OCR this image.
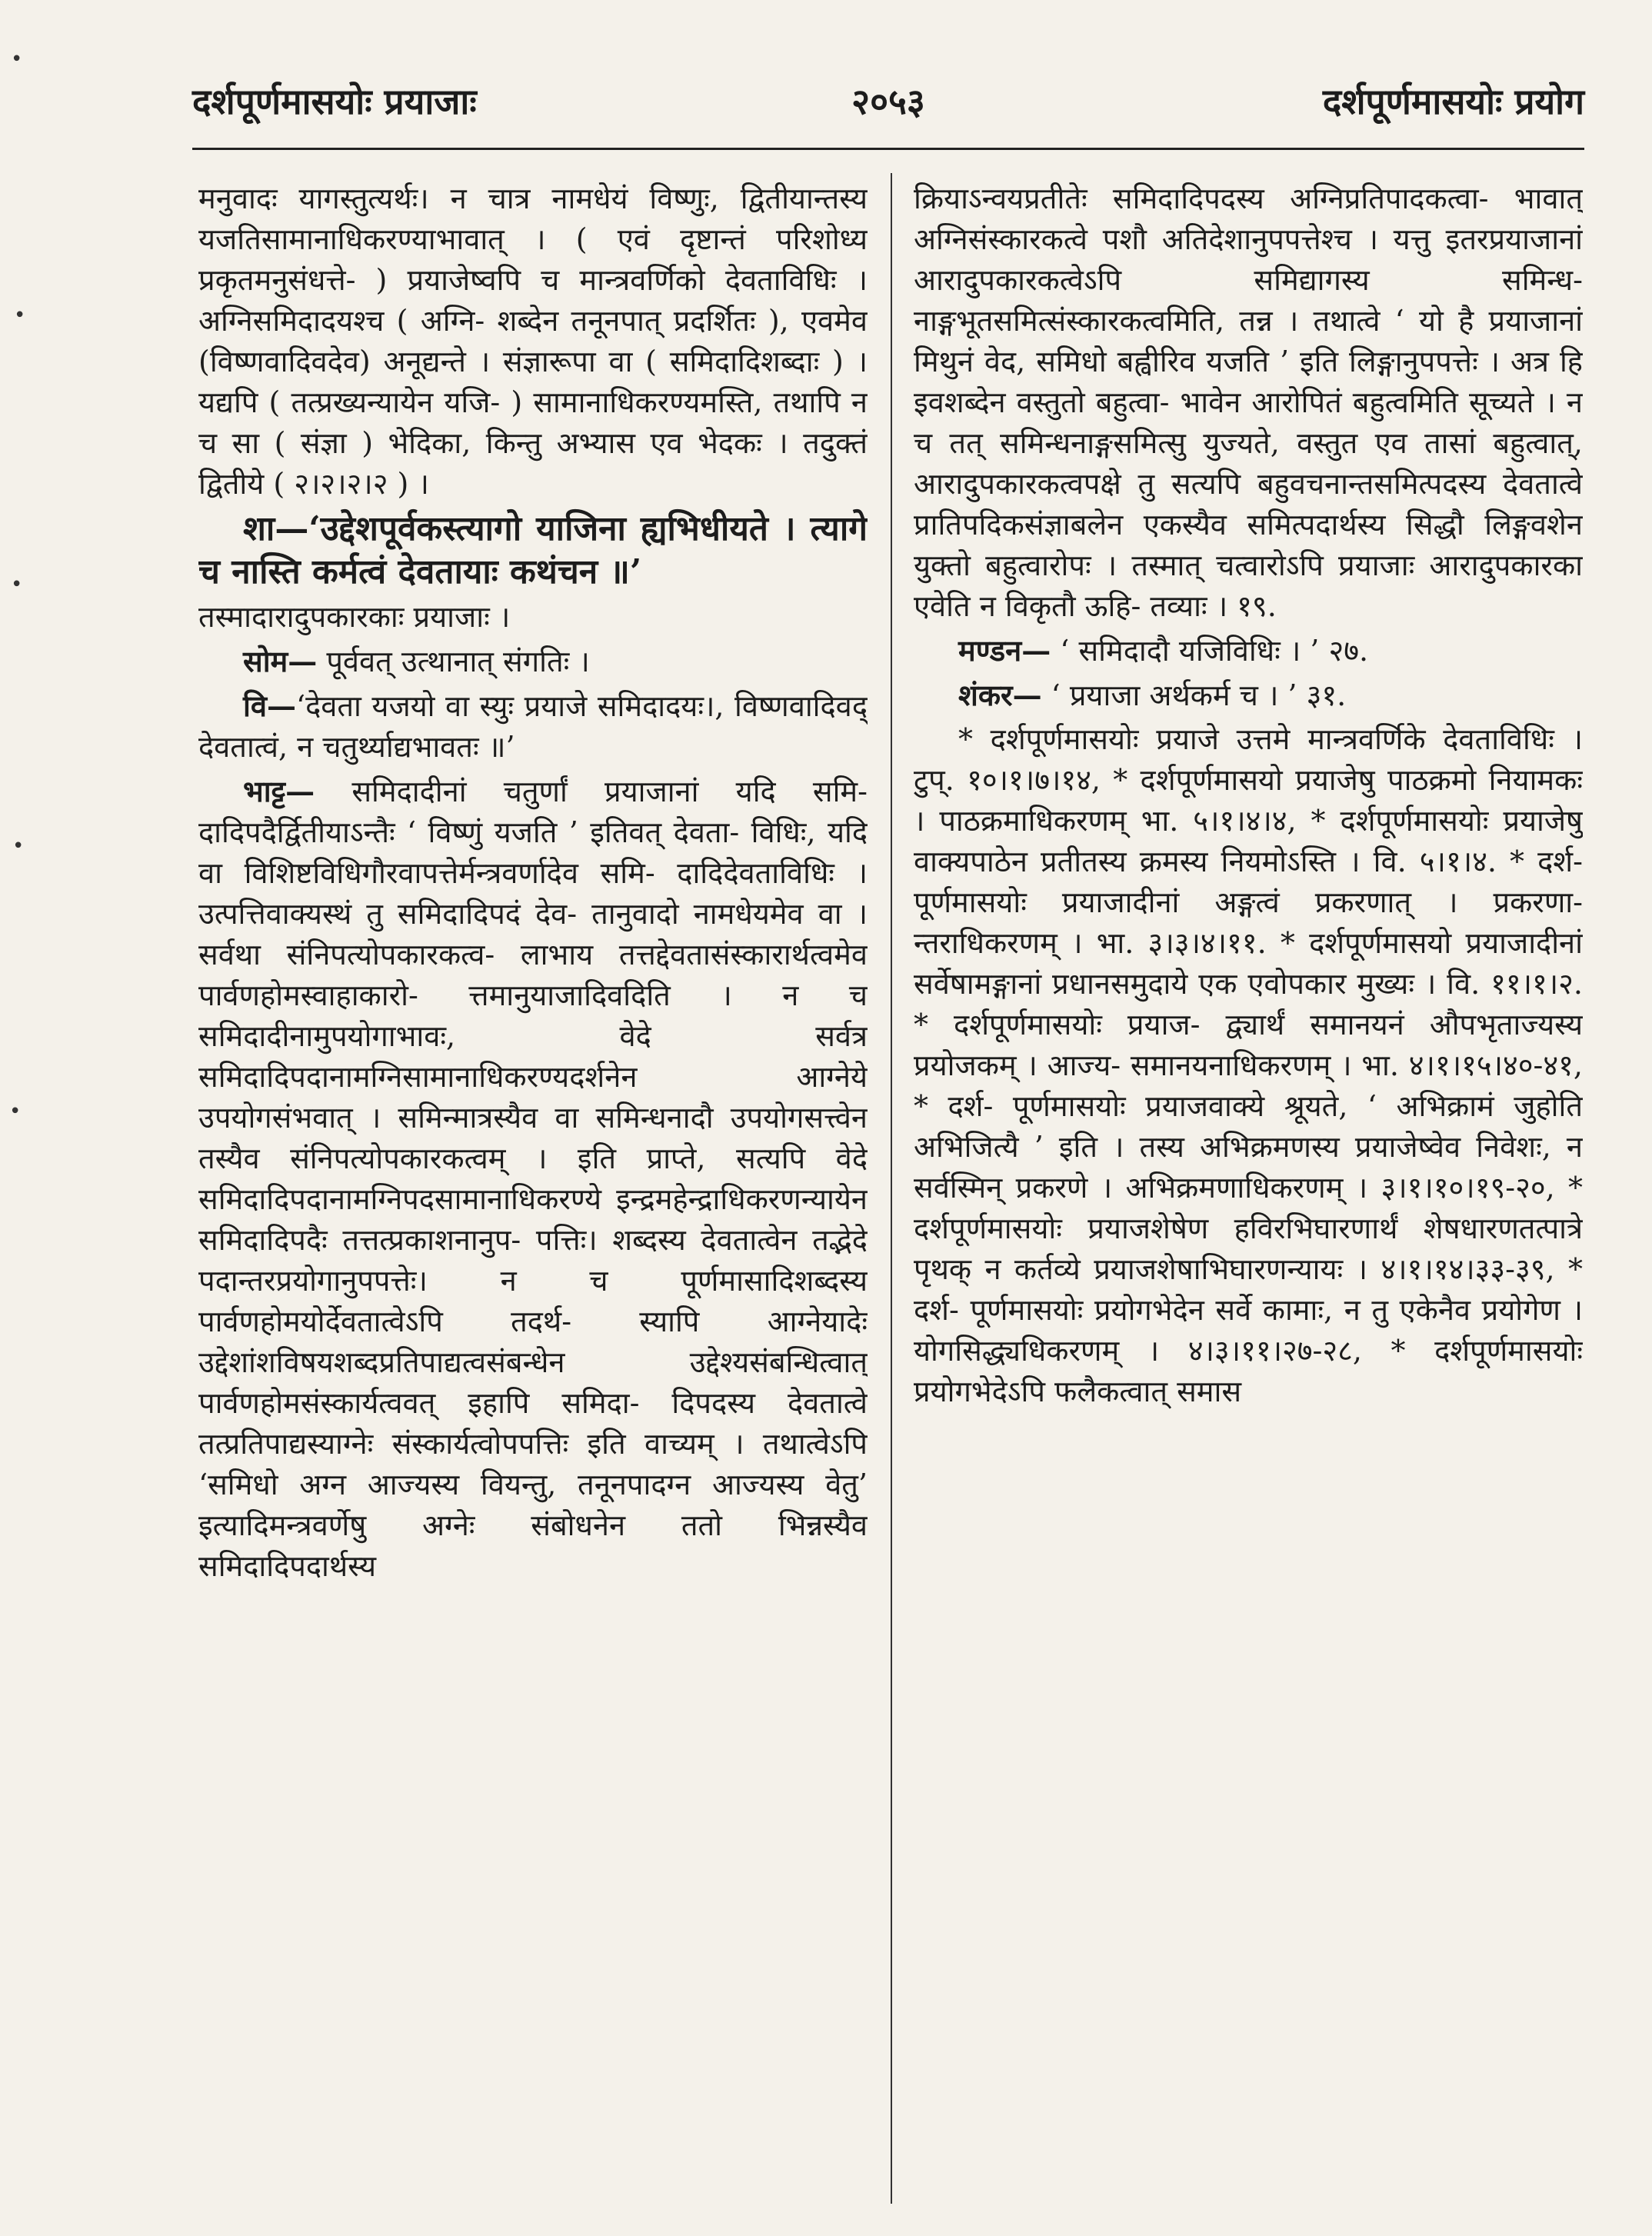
•
•
•
•
•
दर्शपूर्णमासयोः प्रयाजाः	२०५३	दर्शपूर्णमासयोः प्रयोग

मनुवादः यागस्तुत्यर्थः। न चात्र नामधेयं विष्णुः, द्वितीयान्तस्य यजतिसामानाधिकरण्याभावात् । ( एवं दृष्टान्तं परिशोध्य प्रकृतमनुसंधत्ते- ) प्रयाजेष्वपि च मान्त्रवर्णिको देवताविधिः । अग्निसमिदादयश्च ( अग्नि- शब्देन तनूनपात् प्रदर्शितः ), एवमेव (विष्णवादिवदेव) अनूद्यन्ते । संज्ञारूपा वा ( समिदादिशब्दाः ) । यद्यपि ( तत्प्रख्यन्यायेन यजि- ) सामानाधिकरण्यमस्ति, तथापि न च सा ( संज्ञा ) भेदिका, किन्तु अभ्यास एव भेदकः । तदुक्तं द्वितीये ( २।२।२।२ ) ।

शा—‘उद्देशपूर्वकस्त्यागो याजिना ह्यभिधीयते । त्यागे च नास्ति कर्मत्वं देवतायाः कथंचन ॥’

तस्मादारादुपकारकाः प्रयाजाः ।

सोम— पूर्ववत् उत्थानात् संगतिः ।

वि—‘देवता यजयो वा स्युः प्रयाजे समिदादयः।, विष्णवादिवद् देवतात्वं, न चतुर्थ्याद्यभावतः ॥’

भाट्ट— समिदादीनां चतुर्णां प्रयाजानां यदि समि- दादिपदैर्द्वितीयाऽन्तैः ‘ विष्णुं यजति ’ इतिवत् देवता- विधिः, यदि वा विशिष्टविधिगौरवापत्तेर्मन्त्रवर्णादेव समि- दादिदेवताविधिः । उत्पत्तिवाक्यस्थं तु समिदादिपदं देव- तानुवादो नामधेयमेव वा । सर्वथा संनिपत्योपकारकत्व- लाभाय तत्तद्देवतासंस्कारार्थत्वमेव पार्वणहोमस्वाहाकारो- त्तमानुयाजादिवदिति । न च समिदादीनामुपयोगाभावः, वेदे सर्वत्र समिदादिपदानामग्निसामानाधिकरण्यदर्शनेन आग्नेये उपयोगसंभवात् । समिन्मात्रस्यैव वा समिन्धनादौ उपयोगसत्त्वेन तस्यैव संनिपत्योपकारकत्वम् । इति प्राप्ते, सत्यपि वेदे समिदादिपदानामग्निपदसामानाधिकरण्ये इन्द्रमहेन्द्राधिकरणन्यायेन समिदादिपदैः तत्तत्प्रकाशनानुप- पत्तिः। शब्दस्य देवतात्वेन तद्भेदे पदान्तरप्रयोगानुपपत्तेः। न च पूर्णमासादिशब्दस्य पार्वणहोमयोर्देवतात्वेऽपि तदर्थ- स्यापि आग्नेयादेः उद्देशांशविषयशब्दप्रतिपाद्यत्वसंबन्धेन उद्देश्यसंबन्धित्वात् पार्वणहोमसंस्कार्यत्ववत् इहापि समिदा- दिपदस्य देवतात्वे तत्प्रतिपाद्यस्याग्नेः संस्कार्यत्वोपपत्तिः इति वाच्यम् । तथात्वेऽपि ‘समिधो अग्न आज्यस्य वियन्तु, तनूनपादग्न आज्यस्य वेतु’ इत्यादिमन्त्रवर्णेषु अग्नेः संबोधनेन ततो भिन्नस्यैव समिदादिपदार्थस्य

क्रियाऽन्वयप्रतीतेः समिदादिपदस्य अग्निप्रतिपादकत्वा- भावात् अग्निसंस्कारकत्वे पशौ अतिदेशानुपपत्तेश्च । यत्तु इतरप्रयाजानां आरादुपकारकत्वेऽपि समिद्यागस्य समिन्ध- नाङ्गभूतसमित्संस्कारकत्वमिति, तन्न । तथात्वे ‘ यो है प्रयाजानां मिथुनं वेद, समिधो बह्वीरिव यजति ’ इति लिङ्गानुपपत्तेः । अत्र हि इवशब्देन वस्तुतो बहुत्वा- भावेन आरोपितं बहुत्वमिति सूच्यते । न च तत् समिन्धनाङ्गसमित्सु युज्यते, वस्तुत एव तासां बहुत्वात्, आरादुपकारकत्वपक्षे तु सत्यपि बहुवचनान्तसमित्पदस्य देवतात्वे प्रातिपदिकसंज्ञाबलेन एकस्यैव समित्पदार्थस्य सिद्धौ लिङ्गवशेन युक्तो बहुत्वारोपः । तस्मात् चत्वारोऽपि प्रयाजाः आरादुपकारका एवेति न विकृतौ ऊहि- तव्याः । १९.

मण्डन— ‘ समिदादौ यजिविधिः । ’ २७.

शंकर— ‘ प्रयाजा अर्थकर्म च । ’ ३१.

* दर्शपूर्णमासयोः प्रयाजे उत्तमे मान्त्रवर्णिके देवताविधिः । टुप्. १०।१।७।१४, * दर्शपूर्णमासयो प्रयाजेषु पाठक्रमो नियामकः । पाठक्रमाधिकरणम् भा. ५।१।४।४, * दर्शपूर्णमासयोः प्रयाजेषु वाक्यपाठेन प्रतीतस्य क्रमस्य नियमोऽस्ति । वि. ५।१।४. * दर्श- पूर्णमासयोः प्रयाजादीनां अङ्गत्वं प्रकरणात् । प्रकरणा- न्तराधिकरणम् । भा. ३।३।४।११. * दर्शपूर्णमासयो प्रयाजादीनां सर्वेषामङ्गानां प्रधानसमुदाये एक एवोपकार मुख्यः । वि. ११।१।२. * दर्शपूर्णमासयोः प्रयाज- द्व्यार्थं समानयनं औपभृताज्यस्य प्रयोजकम् । आज्य- समानयनाधिकरणम् । भा. ४।१।१५।४०-४१, * दर्श- पूर्णमासयोः प्रयाजवाक्ये श्रूयते, ‘ अभिक्रामं जुहोति अभिजित्यै ’ इति । तस्य अभिक्रमणस्य प्रयाजेष्वेव निवेशः, न सर्वस्मिन् प्रकरणे । अभिक्रमणाधिकरणम् । ३।१।१०।१९-२०, * दर्शपूर्णमासयोः प्रयाजशेषेण हविरभिघारणार्थं शेषधारणतत्पात्रे पृथक् न कर्तव्ये प्रयाजशेषाभिघारणन्यायः । ४।१।१४।३३-३९, * दर्श- पूर्णमासयोः प्रयोगभेदेन सर्वे कामाः, न तु एकेनैव प्रयोगेण । योगसिद्ध्यधिकरणम् । ४।३।११।२७-२८, * दर्शपूर्णमासयोः प्रयोगभेदेऽपि फलैकत्वात् समास
